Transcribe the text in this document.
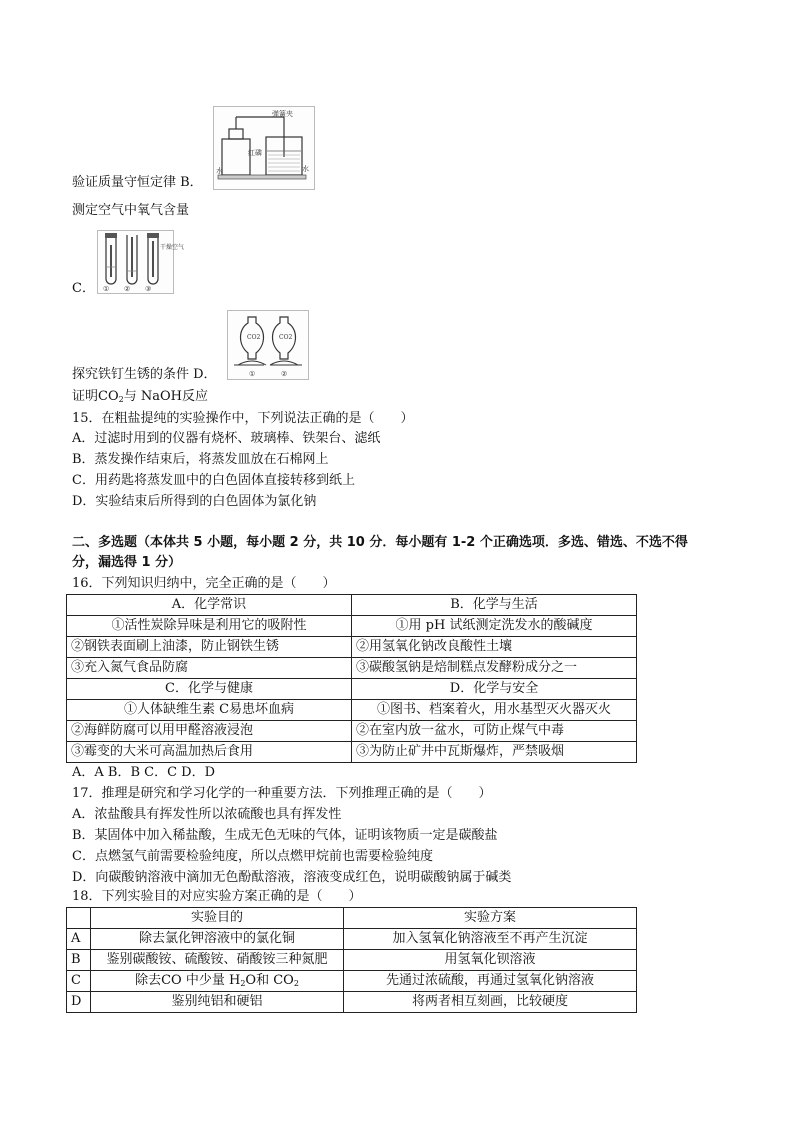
弹簧夹
红磷
水	水
验证质量守恒定律 B．
测定空气中氧气含量
① ② ③
干燥空气
C．
CO2	CO2
①	②
探究铁钉生锈的条件 D．
证明$CO_2$与 NaOH反应
15．在粗盐提纯的实验操作中，下列说法正确的是（　　）
A．过滤时用到的仪器有烧杯、玻璃棒、铁架台、滤纸
B．蒸发操作结束后，将蒸发皿放在石棉网上
C．用药匙将蒸发皿中的白色固体直接转移到纸上
D．实验结束后所得到的白色固体为氯化钠
二、多选题（本体共 5 小题，每小题 2 分，共 10 分．每小题有 1-2 个正确选项．多选、错选、不选不得
分，漏选得 1 分）
16．下列知识归纳中，完全正确的是（　　）
A．化学常识	B．化学与生活
①活性炭除异味是利用它的吸附性	①用 pH 试纸测定洗发水的酸碱度
②钢铁表面刷上油漆，防止钢铁生锈	②用氢氧化钠改良酸性土壤
③充入氮气食品防腐	③碳酸氢钠是焙制糕点发酵粉成分之一
C．化学与健康	D．化学与安全
①人体缺维生素 C易患坏血病	①图书、档案着火，用水基型灭火器灭火
②海鲜防腐可以用甲醛溶液浸泡	②在室内放一盆水，可防止煤气中毒
③霉变的大米可高温加热后食用	③为防止矿井中瓦斯爆炸，严禁吸烟
A．A B．B C．C D．D
17．推理是研究和学习化学的一种重要方法．下列推理正确的是（　　）
A．浓盐酸具有挥发性所以浓硫酸也具有挥发性
B．某固体中加入稀盐酸，生成无色无味的气体，证明该物质一定是碳酸盐
C．点燃氢气前需要检验纯度，所以点燃甲烷前也需要检验纯度
D．向碳酸钠溶液中滴加无色酚酞溶液，溶液变成红色，说明碳酸钠属于碱类
18．下列实验目的对应实验方案正确的是（　　）
	实验目的	实验方案
A	除去氯化钾溶液中的氯化铜	加入氢氧化钠溶液至不再产生沉淀
B	鉴别碳酸铵、硫酸铵、硝酸铵三种氮肥	用氢氧化钡溶液
C	除去CO 中少量 $H_2O$和 $CO_2$	先通过浓硫酸，再通过氢氧化钠溶液
D	鉴别纯铝和硬铝	将两者相互刻画，比较硬度
